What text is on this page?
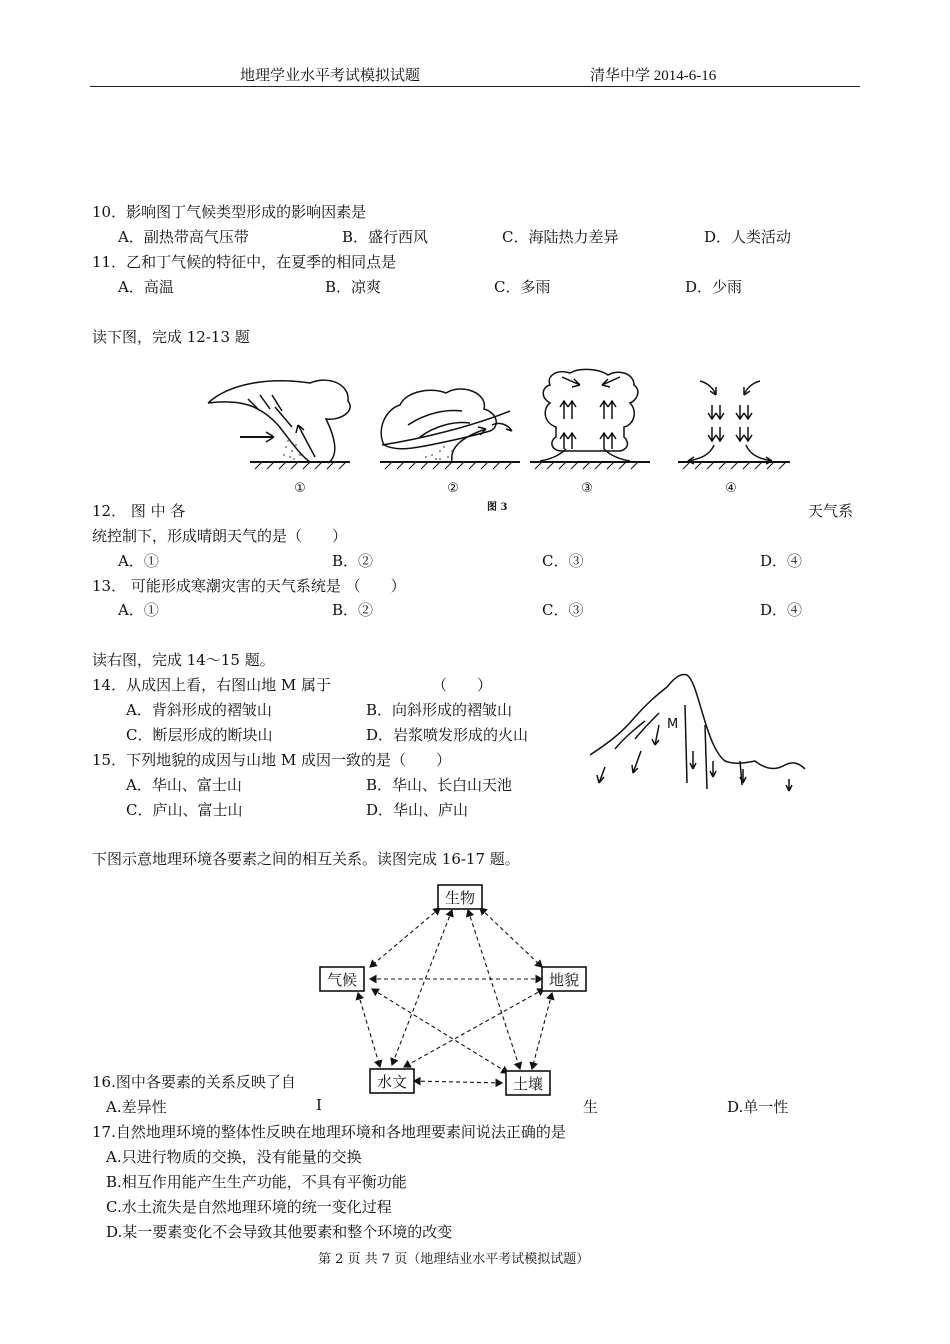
地理学业水平考试模拟试题	清华中学 2014-6-16
10．影响图丁气候类型形成的影响因素是
A．副热带高气压带	B．盛行西风	C．海陆热力差异	D．人类活动
11．乙和丁气候的特征中，在夏季的相同点是
A．高温	B．凉爽	C．多雨	D．少雨
读下图，完成 12-13 题
①	②	③	④
图 3
12． 图 中 各	天气系
统控制下，形成晴朗天气的是（　　）
A．①	B．②	C．③	D．④
13． 可能形成寒潮灾害的天气系统是 （　　）
A．①	B．②	C．③	D．④
读右图，完成 14～15 题。
14．从成因上看，右图山地 M 属于	（　　）
A．背斜形成的褶皱山	B．向斜形成的褶皱山
C．断层形成的断块山	D．岩浆喷发形成的火山
15．下列地貌的成因与山地 M 成因一致的是（　　）
A．华山、富士山	B．华山、长白山天池
C．庐山、富士山	D．华山、庐山
M
下图示意地理环境各要素之间的相互关系。读图完成 16-17 题。
生物
气候	地貌
水文	土壤
16.图中各要素的关系反映了自
A.差异性	I	生	D.单一性
17.自然地理环境的整体性反映在地理环境和各地理要素间说法正确的是
A.只进行物质的交换，没有能量的交换
B.相互作用能产生生产功能，不具有平衡功能
C.水土流失是自然地理环境的统一变化过程
D.某一要素变化不会导致其他要素和整个环境的改变
第 2 页 共 7 页（地理结业水平考试模拟试题）
